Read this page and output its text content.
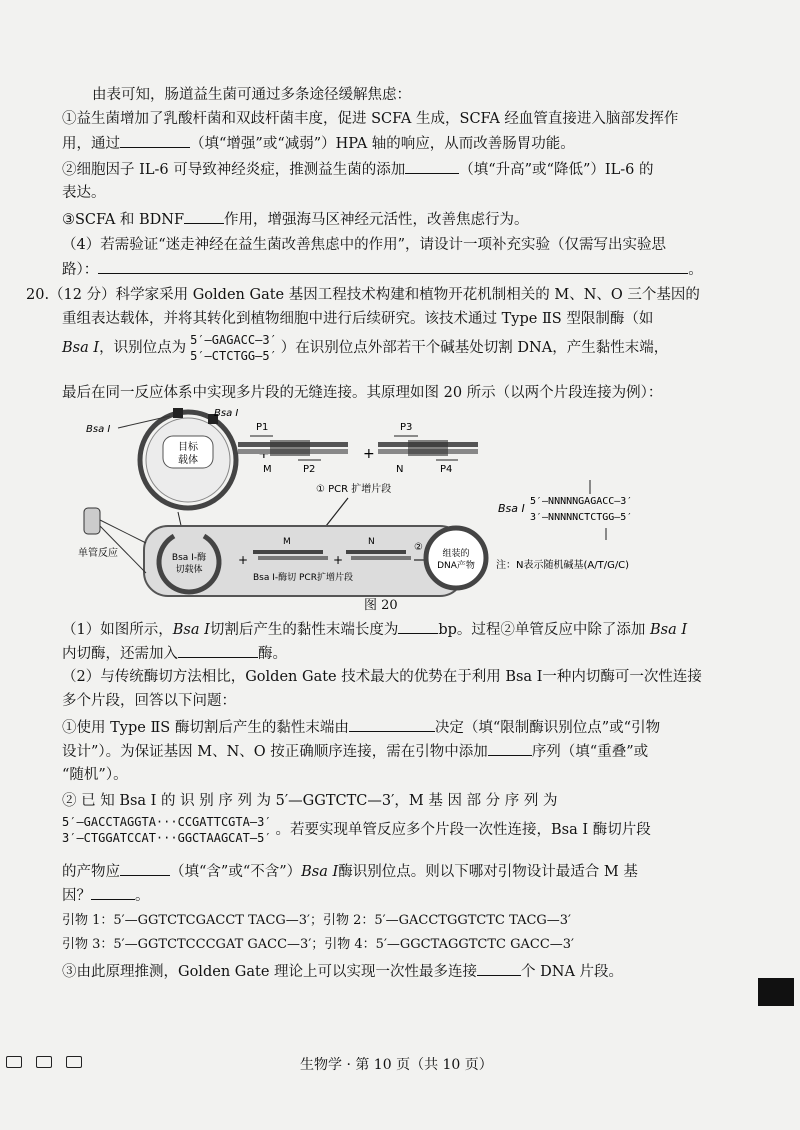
由表可知，肠道益生菌可通过多条途径缓解焦虑：
①益生菌增加了乳酸杆菌和双歧杆菌丰度，促进 SCFA 生成，SCFA 经血管直接进入脑部发挥作
用，通过	（填“增强”或“减弱”）HPA 轴的响应，从而改善肠胃功能。
②细胞因子 IL-6 可导致神经炎症，推测益生菌的添加	（填“升高”或“降低”）IL-6 的
表达。
③SCFA 和 BDNF	作用，增强海马区神经元活性，改善焦虑行为。
（4）若需验证“迷走神经在益生菌改善焦虑中的作用”，请设计一项补充实验（仅需写出实验思
路）：	。
20.（12 分）科学家采用 Golden Gate 基因工程技术构建和植物开花机制相关的 M、N、O 三个基因的
重组表达载体，并将其转化到植物细胞中进行后续研究。该技术通过 Type ⅡS 型限制酶（如
Bsa Ⅰ，识别位点为 5′—GAGACC—3′
5′—CTCTGG—5′ ）在识别位点外部若干个碱基处切割 DNA，产生黏性末端，
最后在同一反应体系中实现多片段的无缝连接。其原理如图 20 所示（以两个片段连接为例）：
目标
载体
Bsa Ⅰ
Bsa Ⅰ
P1
P2
M
+
P3
P4
N
① PCR 扩增片段
单管反应	Bsa Ⅰ-酶
切载体
+
M
+
N
Bsa Ⅰ-酶切 PCR扩增片段
②
组装的
DNA产物
Bsa Ⅰ
5′—NNNNNGAGACC—3′
3′—NNNNNCTCTGG—5′
注：N表示随机碱基(A/T/G/C)
图 20
（1）如图所示，Bsa Ⅰ切割后产生的黏性末端长度为	bp。过程②单管反应中除了添加 Bsa Ⅰ
内切酶，还需加入	酶。
（2）与传统酶切方法相比，Golden Gate 技术最大的优势在于利用 Bsa Ⅰ一种内切酶可一次性连接
多个片段，回答以下问题：
①使用 Type ⅡS 酶切割后产生的黏性末端由	决定（填“限制酶识别位点”或“引物
设计”）。为保证基因 M、N、O 按正确顺序连接，需在引物中添加	序列（填“重叠”或
“随机”）。
② 已 知 Bsa Ⅰ 的 识 别 序 列 为 5′—GGTCTC—3′，M 基 因 部 分 序 列 为
5′—GACCTAGGTA···CCGATTCGTA—3′
3′—CTGGATCCAT···GGCTAAGCAT—5′ 。若要实现单管反应多个片段一次性连接，Bsa Ⅰ 酶切片段
的产物应	（填“含”或“不含”）Bsa Ⅰ酶识别位点。则以下哪对引物设计最适合 M 基
因？	。
引物 1：5′—GGTCTCGACCT TACG—3′；引物 2：5′—GACCTGGTCTC TACG—3′
引物 3：5′—GGTCTCCCGAT GACC—3′；引物 4：5′—GGCTAGGTCTC GACC—3′
③由此原理推测，Golden Gate 理论上可以实现一次性最多连接	个 DNA 片段。
生物学 · 第 10 页（共 10 页）
